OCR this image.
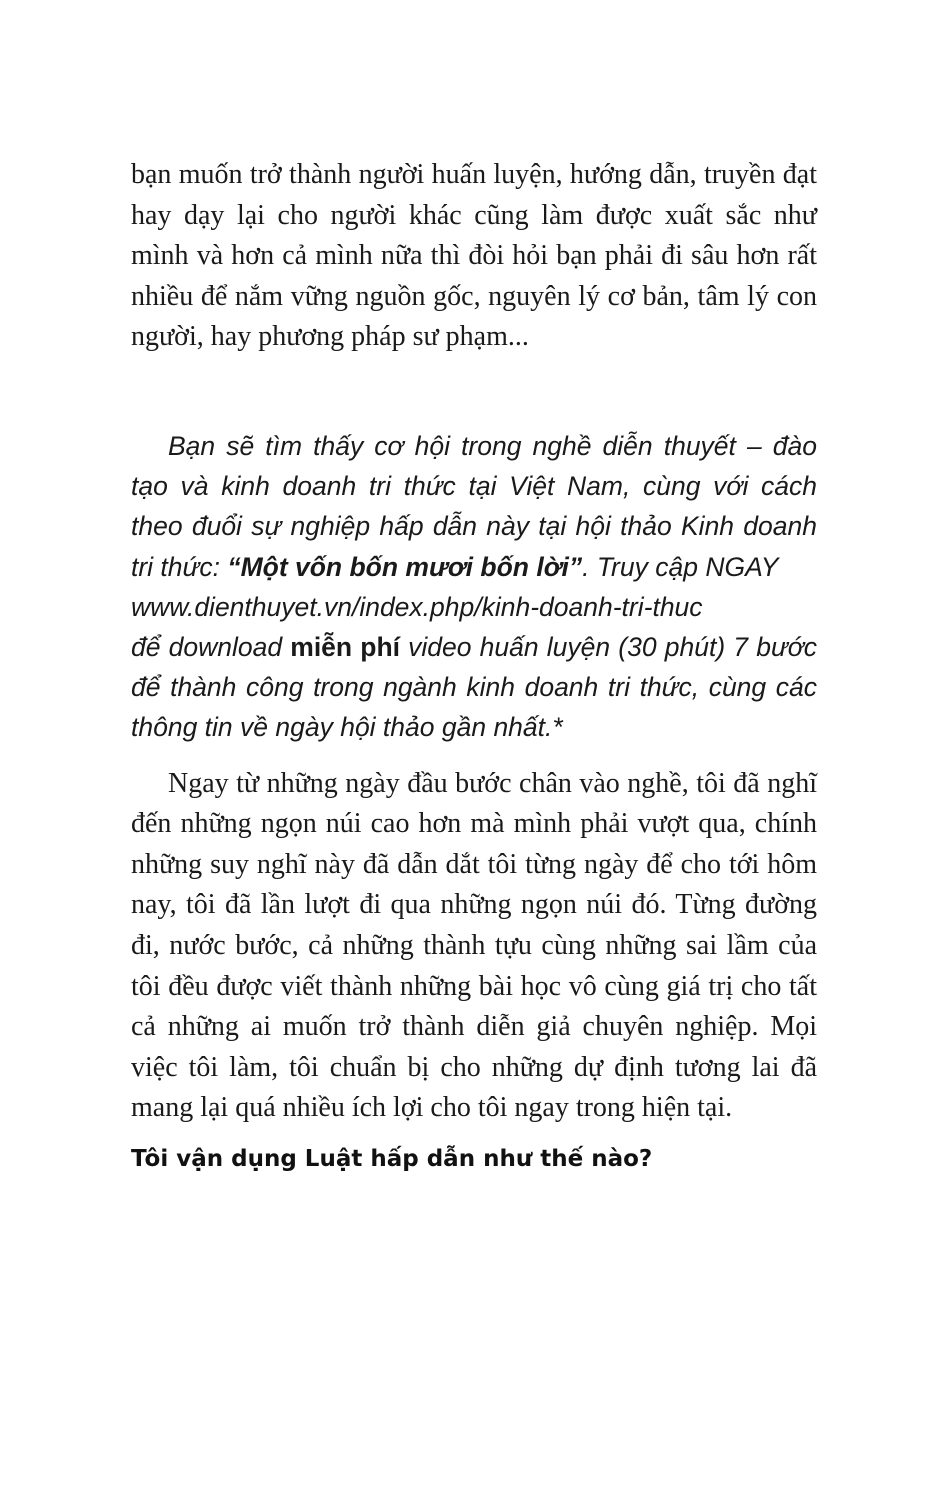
bạn muốn trở thành người huấn luyện, hướng dẫn, truyền đạt hay dạy lại cho người khác cũng làm được xuất sắc như mình và hơn cả mình nữa thì đòi hỏi bạn phải đi sâu hơn rất nhiều để nắm vững nguồn gốc, nguyên lý cơ bản, tâm lý con người, hay phương pháp sư phạm...

Bạn sẽ tìm thấy cơ hội trong nghề diễn thuyết – đào tạo và kinh doanh tri thức tại Việt Nam, cùng với cách theo đuổi sự nghiệp hấp dẫn này tại hội thảo Kinh doanh tri thức: “Một vốn bốn mươi bốn lời”. Truy cập NGAY
www.dienthuyet.vn/index.php/kinh-doanh-tri-thuc
để download miễn phí video huấn luyện (30 phút) 7 bước để thành công trong ngành kinh doanh tri thức, cùng các thông tin về ngày hội thảo gần nhất.*

Ngay từ những ngày đầu bước chân vào nghề, tôi đã nghĩ đến những ngọn núi cao hơn mà mình phải vượt qua, chính những suy nghĩ này đã dẫn dắt tôi từng ngày để cho tới hôm nay, tôi đã lần lượt đi qua những ngọn núi đó. Từng đường đi, nước bước, cả những thành tựu cùng những sai lầm của tôi đều được viết thành những bài học vô cùng giá trị cho tất cả những ai muốn trở thành diễn giả chuyên nghiệp. Mọi việc tôi làm, tôi chuẩn bị cho những dự định tương lai đã mang lại quá nhiều ích lợi cho tôi ngay trong hiện tại.

Tôi vận dụng Luật hấp dẫn như thế nào?
